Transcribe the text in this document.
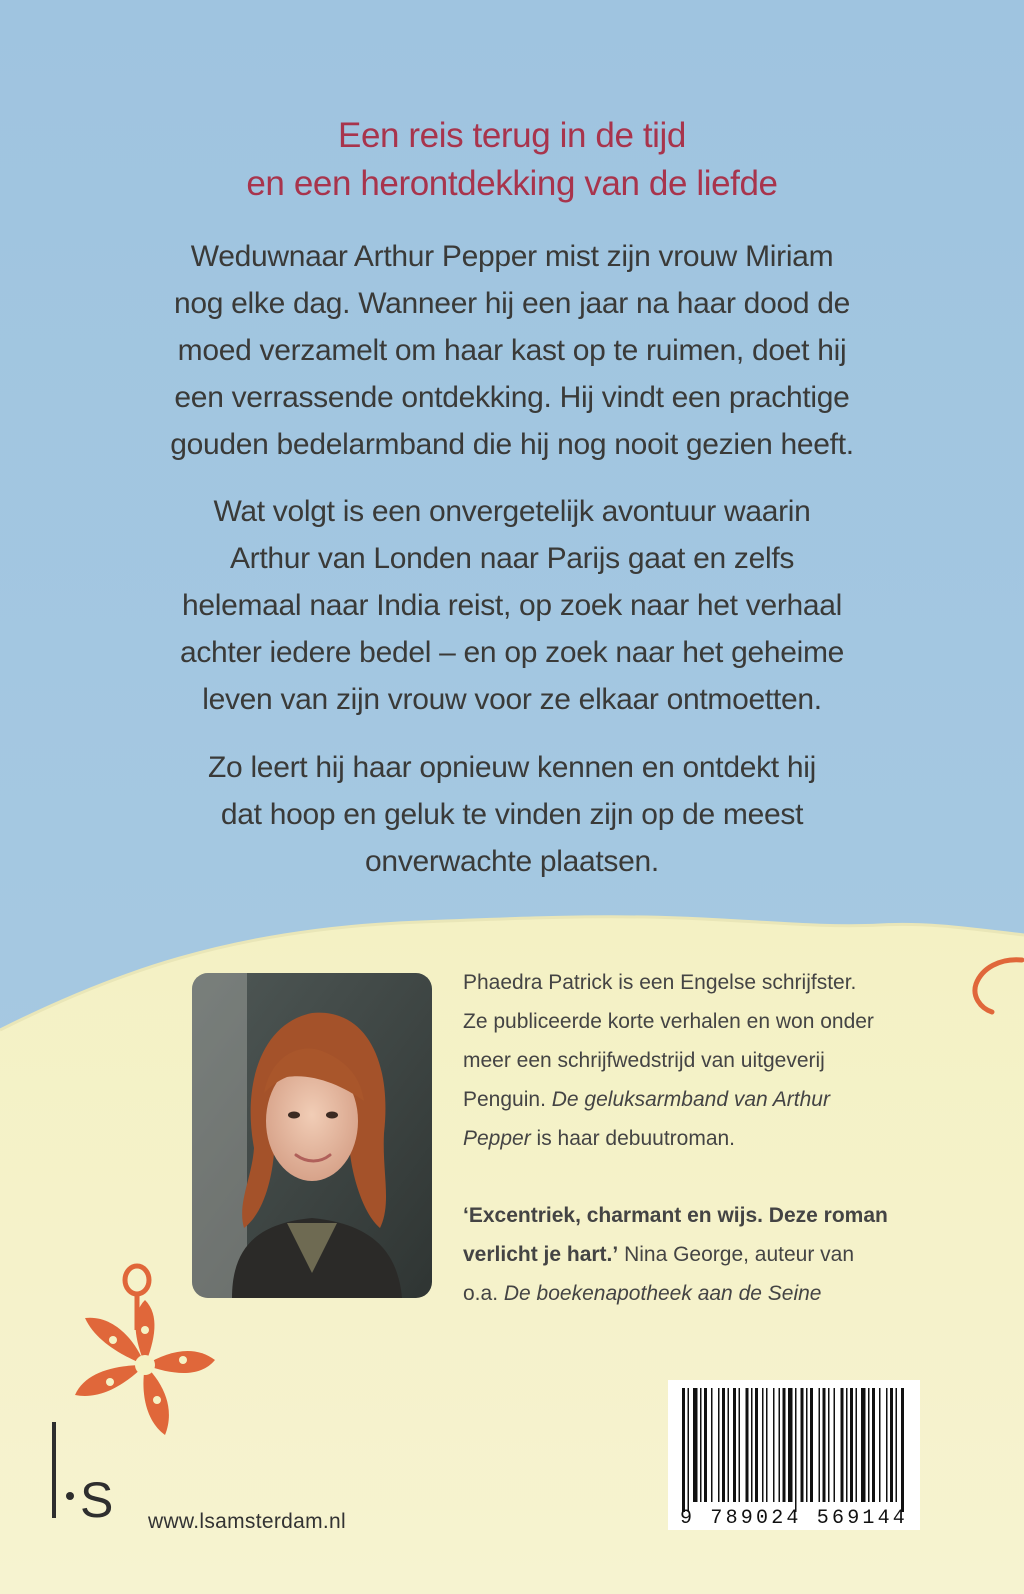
Een reis terug in de tijd

en een herontdekking van de liefde

Weduwnaar Arthur Pepper mist zijn vrouw Miriam

nog elke dag. Wanneer hij een jaar na haar dood de

moed verzamelt om haar kast op te ruimen, doet hij

een verrassende ontdekking. Hij vindt een prachtige

gouden bedelarmband die hij nog nooit gezien heeft.

Wat volgt is een onvergetelijk avontuur waarin

Arthur van Londen naar Parijs gaat en zelfs

helemaal naar India reist, op zoek naar het verhaal

achter iedere bedel – en op zoek naar het geheime

leven van zijn vrouw voor ze elkaar ontmoetten.

Zo leert hij haar opnieuw kennen en ontdekt hij

dat hoop en geluk te vinden zijn op de meest

onverwachte plaatsen.

Phaedra Patrick is een Engelse schrijfster.

Ze publiceerde korte verhalen en won onder

meer een schrijfwedstrijd van uitgeverij

Penguin. De geluksarmband van Arthur

Pepper is haar debuutroman.

‘Excentriek, charmant en wijs. Deze roman

verlicht je hart.’ Nina George, auteur van

o.a. De boekenapotheek aan de Seine

S www.lsamsterdam.nl	9 789024 569144
